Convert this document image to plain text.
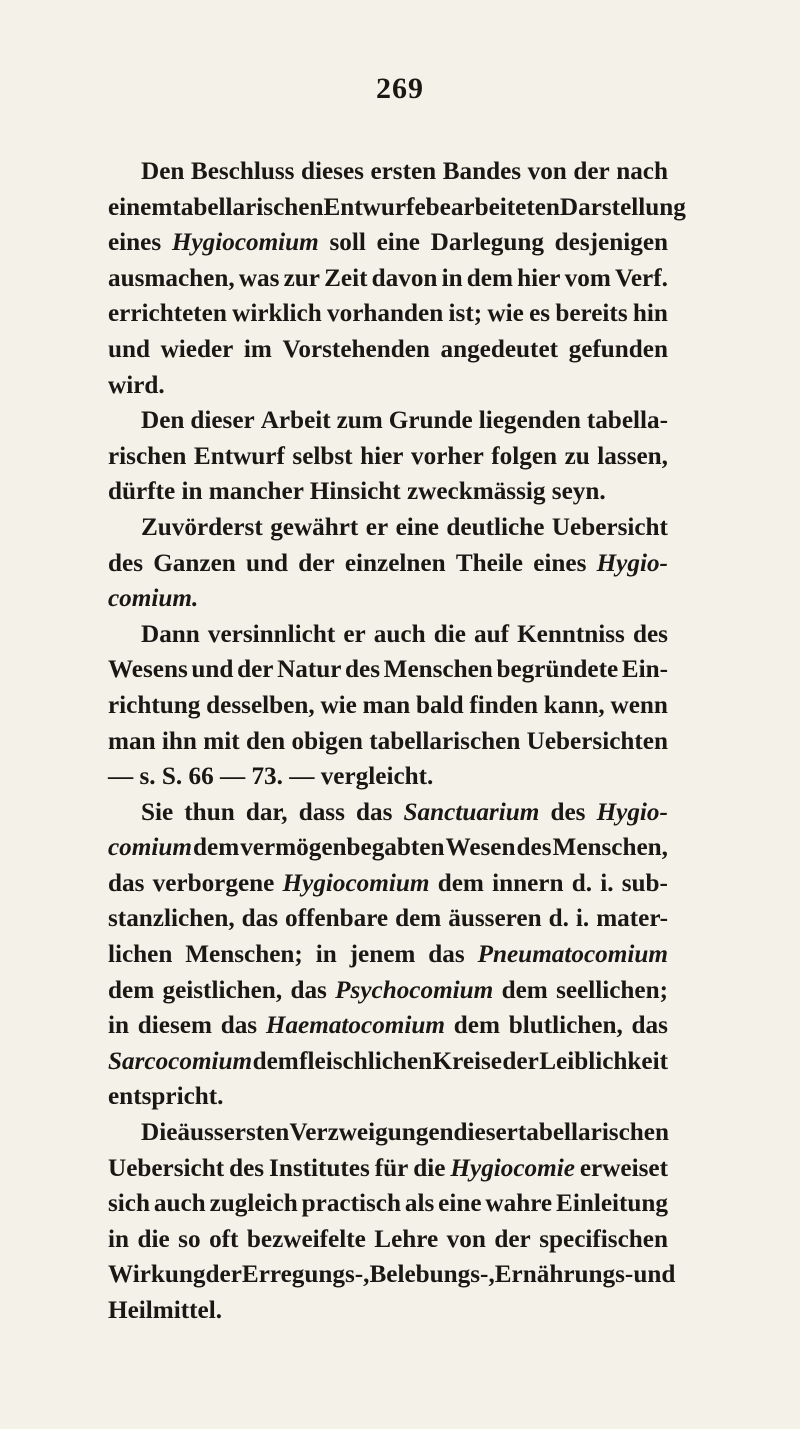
269
Den Beschluss dieses ersten Bandes von der nach
einem tabellarischen Entwurfe bearbeiteten Darstellung
eines Hygiocomium soll eine Darlegung desjenigen
ausmachen, was zur Zeit davon in dem hier vom Verf.
errichteten wirklich vorhanden ist; wie es bereits hin
und wieder im Vorstehenden angedeutet gefunden
wird.
Den dieser Arbeit zum Grunde liegenden tabella-
rischen Entwurf selbst hier vorher folgen zu lassen,
dürfte in mancher Hinsicht zweckmässig seyn.
Zuvörderst gewährt er eine deutliche Uebersicht
des Ganzen und der einzelnen Theile eines Hygio-
comium.
Dann versinnlicht er auch die auf Kenntniss des
Wesens und der Natur des Menschen begründete Ein-
richtung desselben, wie man bald finden kann, wenn
man ihn mit den obigen tabellarischen Uebersichten
— s. S. 66 — 73. — vergleicht.
Sie thun dar, dass das Sanctuarium des Hygio-
comium dem vermögenbegabten Wesen des Menschen,
das verborgene Hygiocomium dem innern d. i. sub-
stanzlichen, das offenbare dem äusseren d. i. mater-
lichen Menschen; in jenem das Pneumatocomium
dem geistlichen, das Psychocomium dem seellichen;
in diesem das Haematocomium dem blutlichen, das
Sarcocomium dem fleischlichen Kreise der Leiblichkeit
entspricht.
Die äussersten Verzweigungen dieser tabellarischen
Uebersicht des Institutes für die Hygiocomie erweiset
sich auch zugleich practisch als eine wahre Einleitung
in die so oft bezweifelte Lehre von der specifischen
Wirkung der Erregungs-, Belebungs-, Ernährungs- und
Heilmittel.
